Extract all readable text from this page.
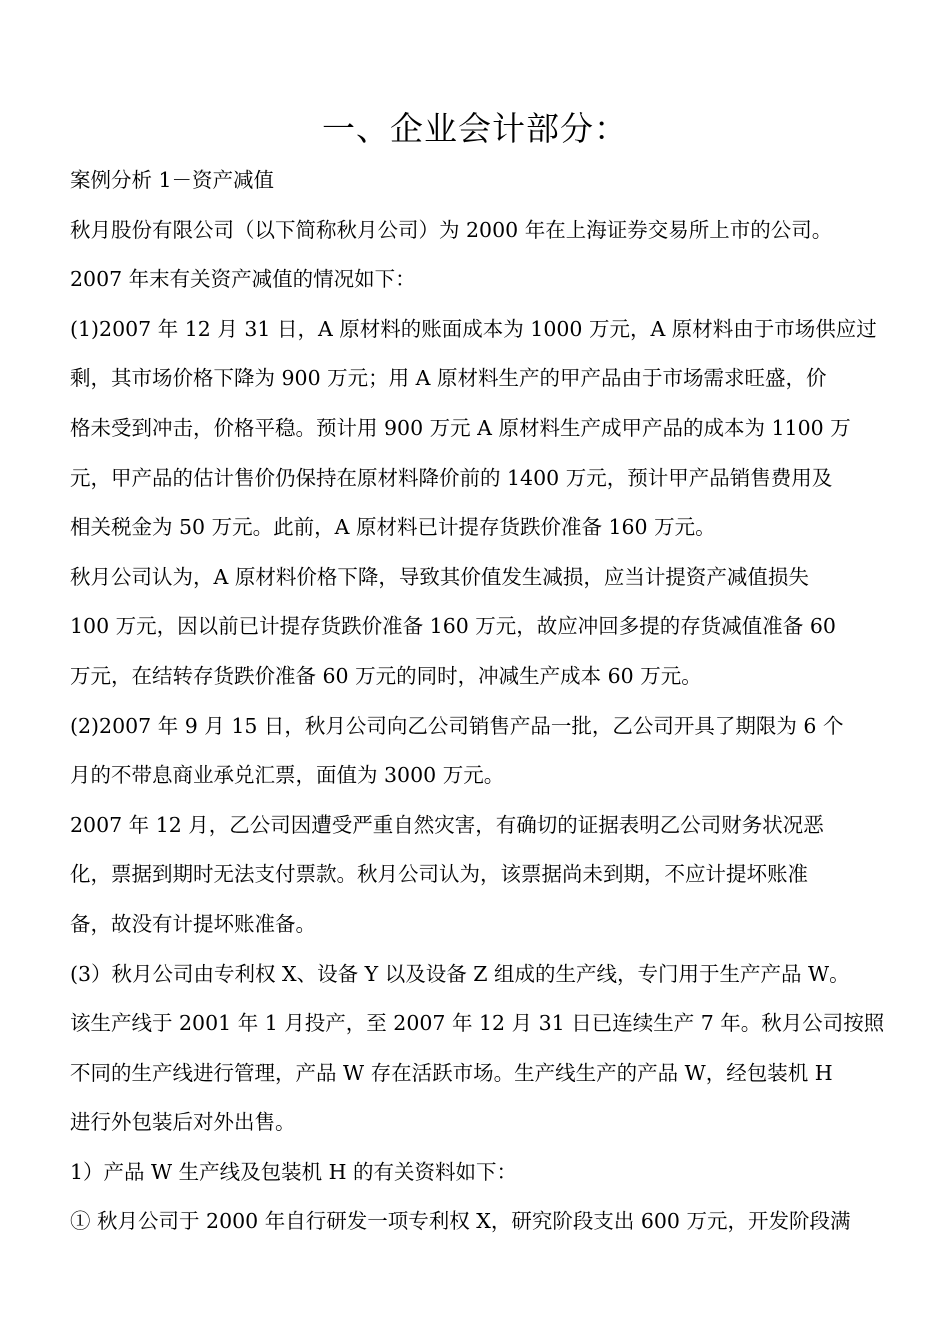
一、企业会计部分：
案例分析 1－资产减值
秋月股份有限公司（以下简称秋月公司）为 2000 年在上海证券交易所上市的公司。
2007 年末有关资产减值的情况如下：
(1)2007 年 12 月 31 日，A 原材料的账面成本为 1000 万元，A 原材料由于市场供应过
剩，其市场价格下降为 900 万元；用 A 原材料生产的甲产品由于市场需求旺盛，价
格未受到冲击，价格平稳。预计用 900 万元 A 原材料生产成甲产品的成本为 1100 万
元，甲产品的估计售价仍保持在原材料降价前的 1400 万元，预计甲产品销售费用及
相关税金为 50 万元。此前，A 原材料已计提存货跌价准备 160 万元。
秋月公司认为，A 原材料价格下降，导致其价值发生减损，应当计提资产减值损失
100 万元，因以前已计提存货跌价准备 160 万元，故应冲回多提的存货减值准备 60
万元，在结转存货跌价准备 60 万元的同时，冲减生产成本 60 万元。
(2)2007 年 9 月 15 日，秋月公司向乙公司销售产品一批，乙公司开具了期限为 6 个
月的不带息商业承兑汇票，面值为 3000 万元。
2007 年 12 月，乙公司因遭受严重自然灾害，有确切的证据表明乙公司财务状况恶
化，票据到期时无法支付票款。秋月公司认为，该票据尚未到期，不应计提坏账准
备，故没有计提坏账准备。
(3）秋月公司由专利权 X、设备 Y 以及设备 Z 组成的生产线，专门用于生产产品 W。
该生产线于 2001 年 1 月投产，至 2007 年 12 月 31 日已连续生产 7 年。秋月公司按照
不同的生产线进行管理，产品 W 存在活跃市场。生产线生产的产品 W，经包装机 H
进行外包装后对外出售。
1）产品 W 生产线及包装机 H 的有关资料如下：
① 秋月公司于 2000 年自行研发一项专利权 X，研究阶段支出 600 万元，开发阶段满
